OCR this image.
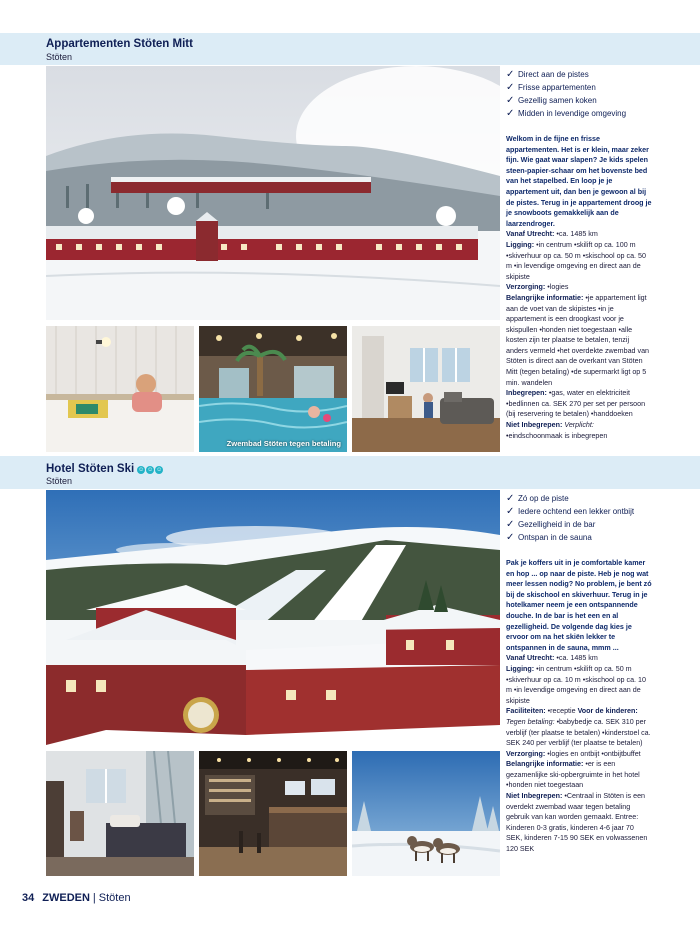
Appartementen Stöten Mitt
Stöten
Zwembad Stöten tegen betaling
✓ Direct aan de pistes
✓ Frisse appartementen
✓ Gezellig samen koken
✓ Midden in levendige omgeving

Welkom in de fijne en frisse appartementen. Het is er klein, maar zeker fijn. Wie gaat waar slapen? Je kids spelen steen-papier-schaar om het bovenste bed van het stapelbed. En loop je je appartement uit, dan ben je gewoon al bij de pistes. Terug in je appartement droog je je snowboots gemakkelijk aan de laarzendroger.

Vanaf Utrecht: •ca. 1485 km

Ligging: •in centrum •skilift op ca. 100 m •skiverhuur op ca. 50 m •skischool op ca. 50 m •in levendige omgeving en direct aan de skipiste

Verzorging: •logies

Belangrijke informatie: •je appartement ligt aan de voet van de skipistes •in je appartement is een droogkast voor je skispullen •honden niet toegestaan •alle kosten zijn ter plaatse te betalen, tenzij anders vermeld •het overdekte zwembad van Stöten is direct aan de overkant van Stöten Mitt (tegen betaling) •de supermarkt ligt op 5 min. wandelen

Inbegrepen: •gas, water en elektriciteit •bedlinnen ca. SEK 270 per set per persoon (bij reservering te betalen) •handdoeken

Niet Inbegrepen: Verplicht: •eindschoonmaak is inbegrepen

Hotel Stöten Ski ☺ ☺ ☺
Stöten
✓ Zó op de piste
✓ Iedere ochtend een lekker ontbijt
✓ Gezelligheid in de bar
✓ Ontspan in de sauna

Pak je koffers uit in je comfortable kamer en hop ... op naar de piste. Heb je nog wat meer lessen nodig? No problem, je bent zó bij de skischool en skiverhuur. Terug in je hotelkamer neem je een ontspannende douche. In de bar is het een en al gezelligheid. De volgende dag kies je ervoor om na het skiën lekker te ontspannen in de sauna, mmm ...

Vanaf Utrecht: •ca. 1485 km

Ligging: •in centrum •skilift op ca. 50 m •skiverhuur op ca. 10 m •skischool op ca. 10 m •in levendige omgeving en direct aan de skipiste

Faciliteiten: •receptie Voor de kinderen: Tegen betaling: •babybedje ca. SEK 310 per verblijf (ter plaatse te betalen) •kinderstoel ca. SEK 240 per verblijf (ter plaatse te betalen)

Verzorging: •logies en ontbijt •ontbijtbuffet

Belangrijke informatie: •er is een gezamenlijke ski-opbergruimte in het hotel •honden niet toegestaan

Niet Inbegrepen: •Centraal in Stöten is een overdekt zwembad waar tegen betaling gebruik van kan worden gemaakt. Entree: Kinderen 0-3 gratis, kinderen 4-6 jaar 70 SEK, kinderen 7-15 90 SEK en volwassenen 120 SEK

34 ZWEDEN | Stöten
